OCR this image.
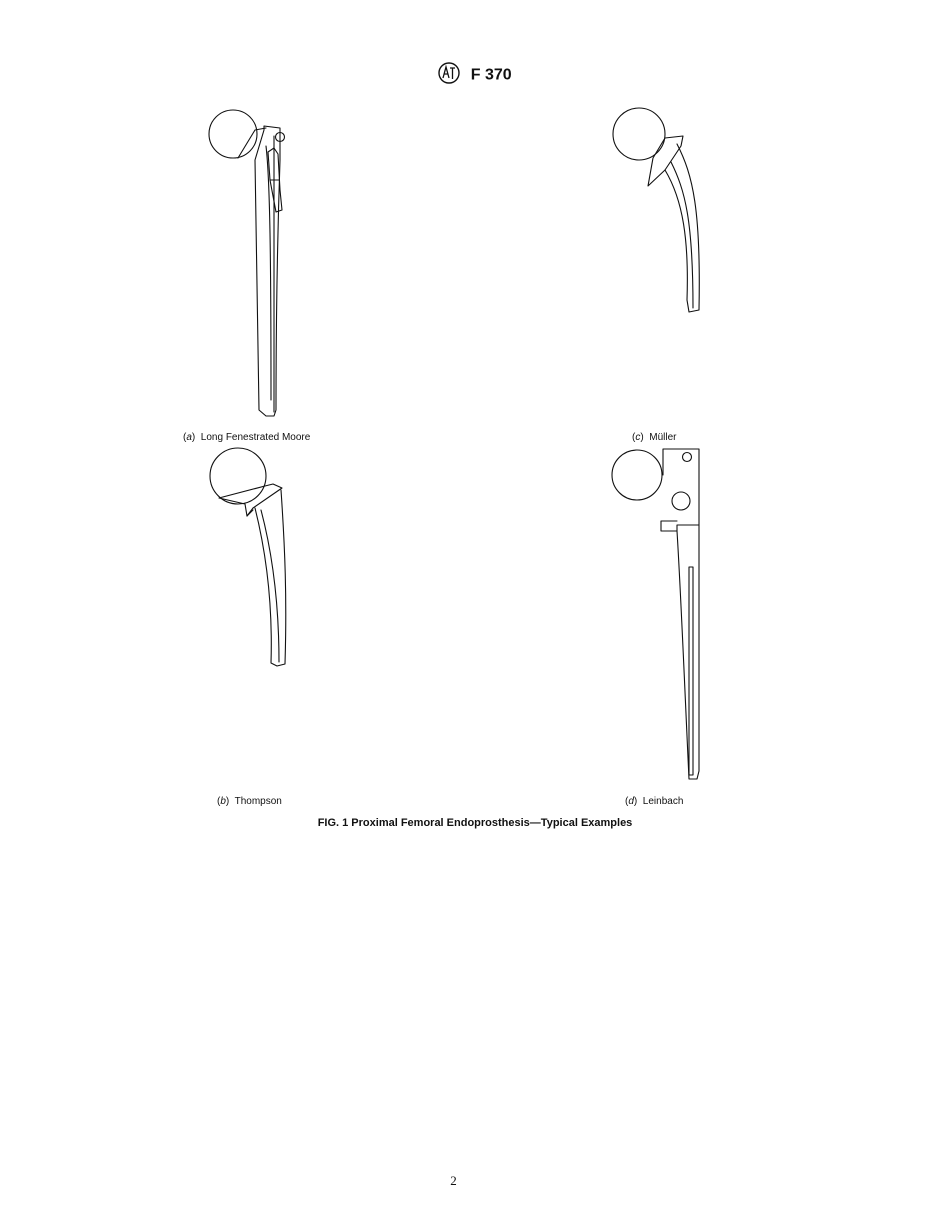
F 370
(a)  Long Fenestrated Moore	(c)  Müller
(b)  Thompson	(d)  Leinbach
FIG. 1 Proximal Femoral Endoprosthesis—Typical Examples
2
